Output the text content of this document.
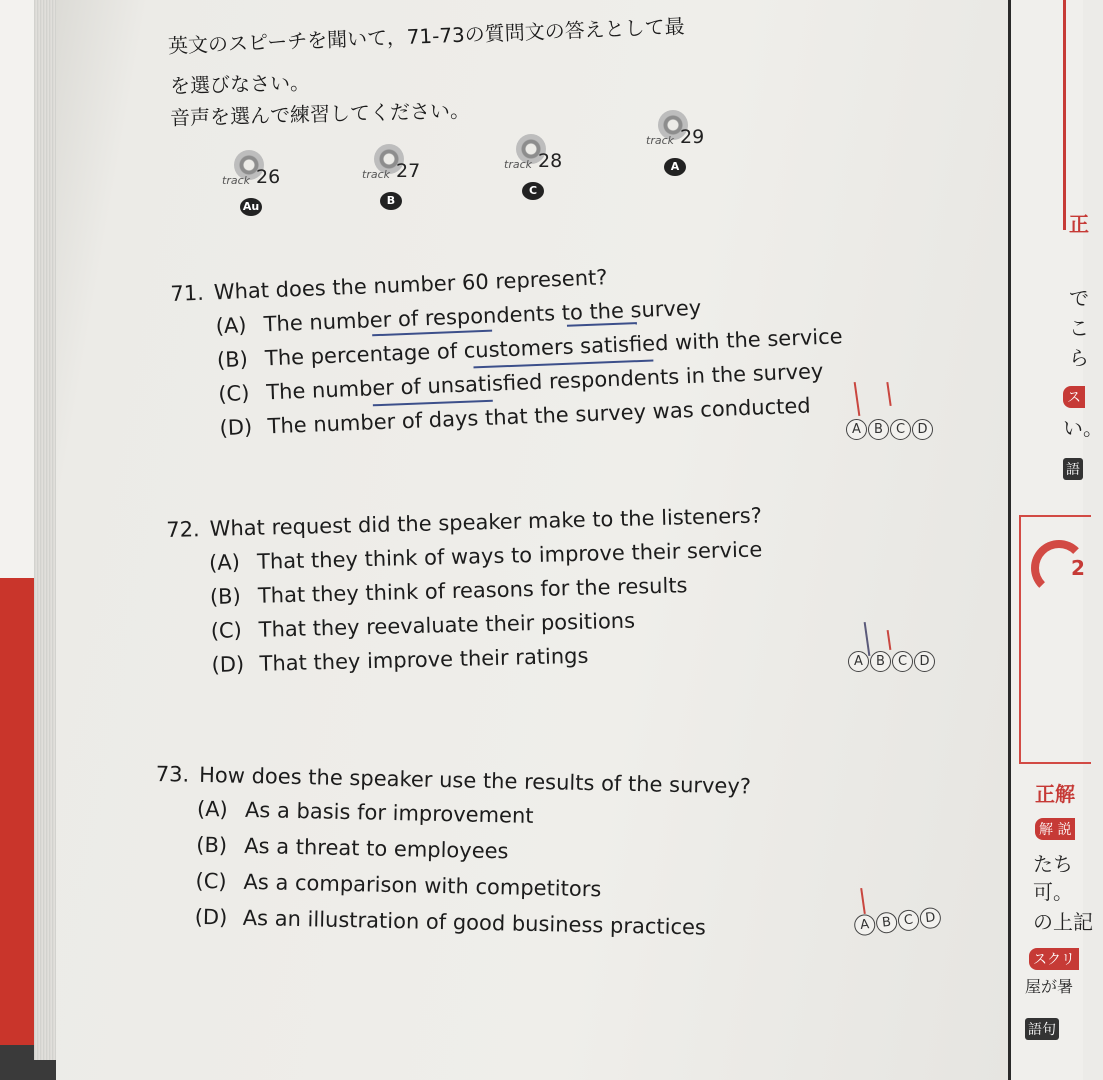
英文のスピーチを聞いて，71-73の質問文の答えとして最
を選びなさい。
音声を選んで練習してください。
track 26
Au
track 27
B
track 28
C
track 29
A
71. What does the number 60 represent?
(A) The number of respondents to the survey
(B) The percentage of customers satisfied with the service
(C) The number of unsatisfied respondents in the survey
(D) The number of days that the survey was conducted	A B C D
72. What request did the speaker make to the listeners?
(A) That they think of ways to improve their service
(B) That they think of reasons for the results
(C) That they reevaluate their positions
(D) That they improve their ratings	A B C D
73. How does the speaker use the results of the survey?
(A) As a basis for improvement
(B) As a threat to employees
(C) As a comparison with competitors
(D) As an illustration of good business practices	A B C D
正
で
こ
ら
ス
い。
語
2
正解
解 説
たち
可。
の上記
スクリ
屋が暑
語句
